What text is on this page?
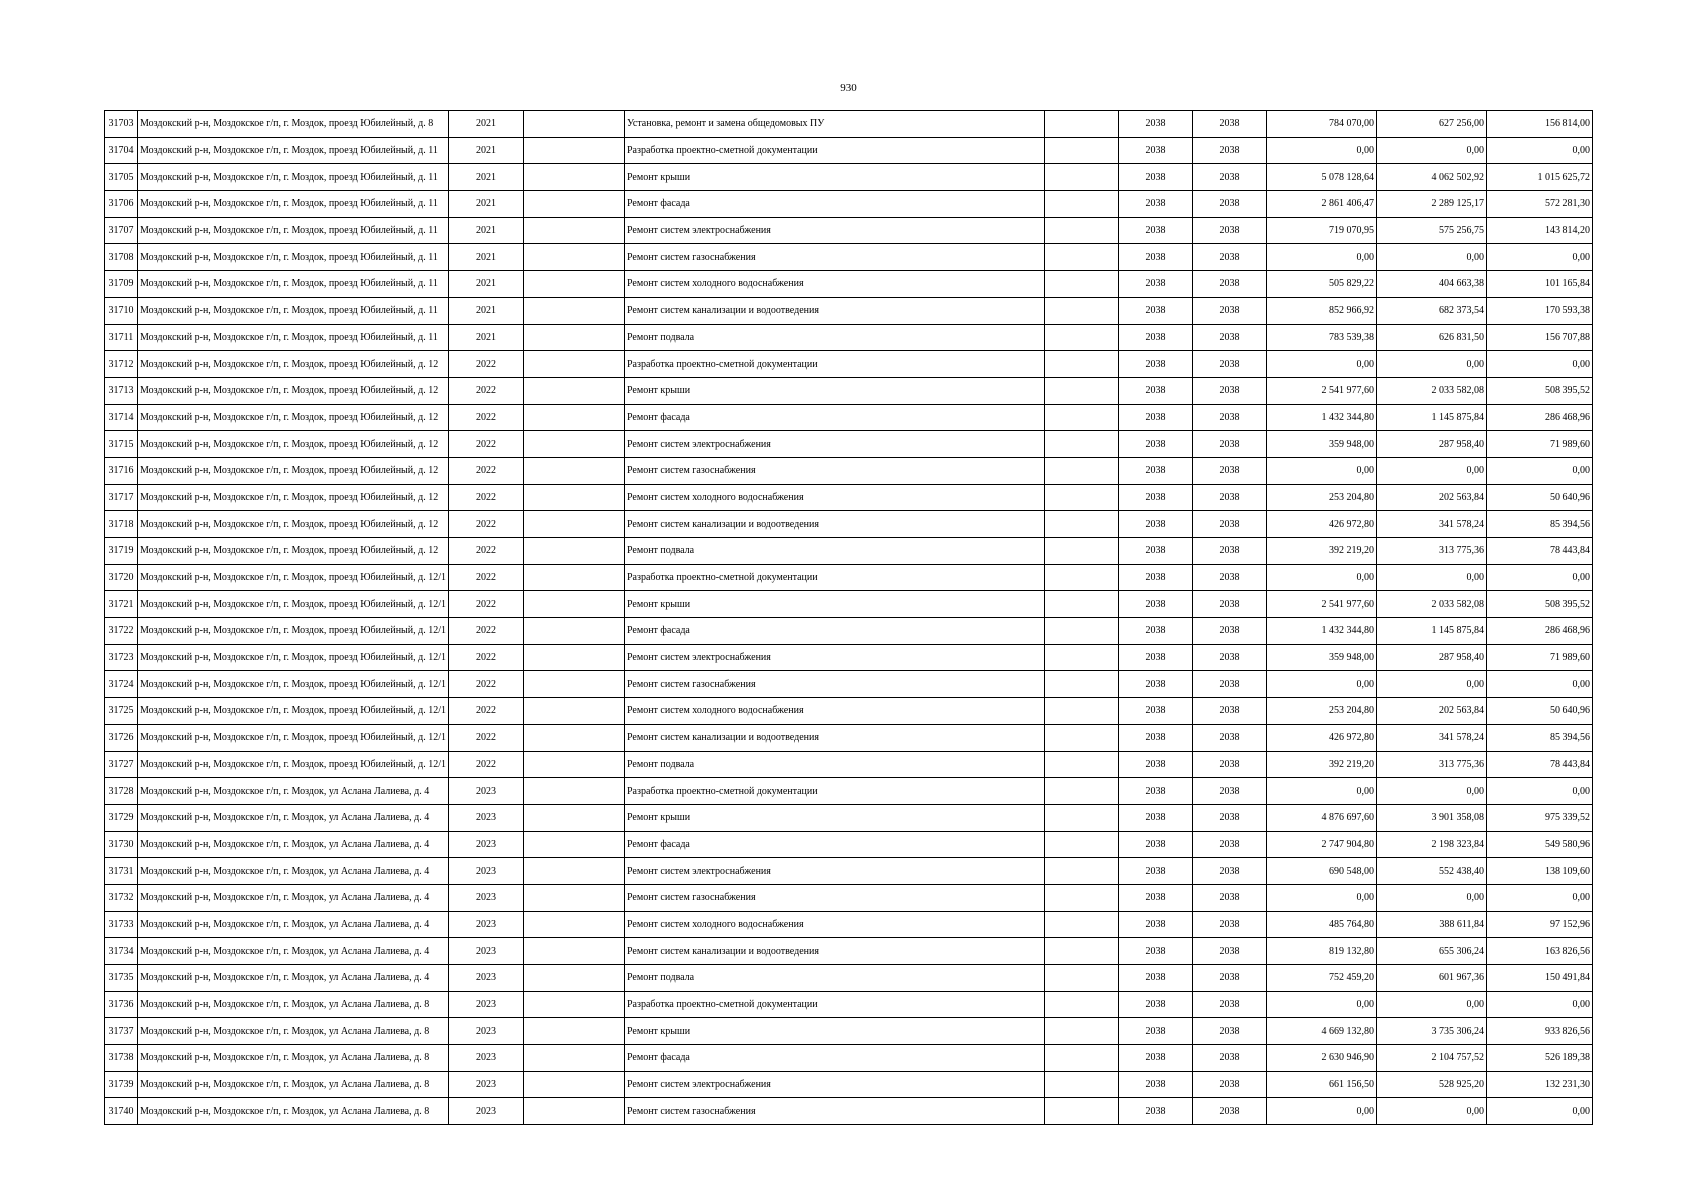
930
31703	Моздокский р-н, Моздокское г/п, г. Моздок, проезд Юбилейный, д. 8	2021		Установка, ремонт и замена общедомовых ПУ		2038	2038	784 070,00	627 256,00	156 814,00
31704	Моздокский р-н, Моздокское г/п, г. Моздок, проезд Юбилейный, д. 11	2021		Разработка проектно-сметной документации		2038	2038	0,00	0,00	0,00
31705	Моздокский р-н, Моздокское г/п, г. Моздок, проезд Юбилейный, д. 11	2021		Ремонт крыши		2038	2038	5 078 128,64	4 062 502,92	1 015 625,72
31706	Моздокский р-н, Моздокское г/п, г. Моздок, проезд Юбилейный, д. 11	2021		Ремонт фасада		2038	2038	2 861 406,47	2 289 125,17	572 281,30
31707	Моздокский р-н, Моздокское г/п, г. Моздок, проезд Юбилейный, д. 11	2021		Ремонт систем электроснабжения		2038	2038	719 070,95	575 256,75	143 814,20
31708	Моздокский р-н, Моздокское г/п, г. Моздок, проезд Юбилейный, д. 11	2021		Ремонт систем газоснабжения		2038	2038	0,00	0,00	0,00
31709	Моздокский р-н, Моздокское г/п, г. Моздок, проезд Юбилейный, д. 11	2021		Ремонт систем холодного водоснабжения		2038	2038	505 829,22	404 663,38	101 165,84
31710	Моздокский р-н, Моздокское г/п, г. Моздок, проезд Юбилейный, д. 11	2021		Ремонт систем канализации и водоотведения		2038	2038	852 966,92	682 373,54	170 593,38
31711	Моздокский р-н, Моздокское г/п, г. Моздок, проезд Юбилейный, д. 11	2021		Ремонт подвала		2038	2038	783 539,38	626 831,50	156 707,88
31712	Моздокский р-н, Моздокское г/п, г. Моздок, проезд Юбилейный, д. 12	2022		Разработка проектно-сметной документации		2038	2038	0,00	0,00	0,00
31713	Моздокский р-н, Моздокское г/п, г. Моздок, проезд Юбилейный, д. 12	2022		Ремонт крыши		2038	2038	2 541 977,60	2 033 582,08	508 395,52
31714	Моздокский р-н, Моздокское г/п, г. Моздок, проезд Юбилейный, д. 12	2022		Ремонт фасада		2038	2038	1 432 344,80	1 145 875,84	286 468,96
31715	Моздокский р-н, Моздокское г/п, г. Моздок, проезд Юбилейный, д. 12	2022		Ремонт систем электроснабжения		2038	2038	359 948,00	287 958,40	71 989,60
31716	Моздокский р-н, Моздокское г/п, г. Моздок, проезд Юбилейный, д. 12	2022		Ремонт систем газоснабжения		2038	2038	0,00	0,00	0,00
31717	Моздокский р-н, Моздокское г/п, г. Моздок, проезд Юбилейный, д. 12	2022		Ремонт систем холодного водоснабжения		2038	2038	253 204,80	202 563,84	50 640,96
31718	Моздокский р-н, Моздокское г/п, г. Моздок, проезд Юбилейный, д. 12	2022		Ремонт систем канализации и водоотведения		2038	2038	426 972,80	341 578,24	85 394,56
31719	Моздокский р-н, Моздокское г/п, г. Моздок, проезд Юбилейный, д. 12	2022		Ремонт подвала		2038	2038	392 219,20	313 775,36	78 443,84
31720	Моздокский р-н, Моздокское г/п, г. Моздок, проезд Юбилейный, д. 12/1	2022		Разработка проектно-сметной документации		2038	2038	0,00	0,00	0,00
31721	Моздокский р-н, Моздокское г/п, г. Моздок, проезд Юбилейный, д. 12/1	2022		Ремонт крыши		2038	2038	2 541 977,60	2 033 582,08	508 395,52
31722	Моздокский р-н, Моздокское г/п, г. Моздок, проезд Юбилейный, д. 12/1	2022		Ремонт фасада		2038	2038	1 432 344,80	1 145 875,84	286 468,96
31723	Моздокский р-н, Моздокское г/п, г. Моздок, проезд Юбилейный, д. 12/1	2022		Ремонт систем электроснабжения		2038	2038	359 948,00	287 958,40	71 989,60
31724	Моздокский р-н, Моздокское г/п, г. Моздок, проезд Юбилейный, д. 12/1	2022		Ремонт систем газоснабжения		2038	2038	0,00	0,00	0,00
31725	Моздокский р-н, Моздокское г/п, г. Моздок, проезд Юбилейный, д. 12/1	2022		Ремонт систем холодного водоснабжения		2038	2038	253 204,80	202 563,84	50 640,96
31726	Моздокский р-н, Моздокское г/п, г. Моздок, проезд Юбилейный, д. 12/1	2022		Ремонт систем канализации и водоотведения		2038	2038	426 972,80	341 578,24	85 394,56
31727	Моздокский р-н, Моздокское г/п, г. Моздок, проезд Юбилейный, д. 12/1	2022		Ремонт подвала		2038	2038	392 219,20	313 775,36	78 443,84
31728	Моздокский р-н, Моздокское г/п, г. Моздок, ул Аслана Лалиева, д. 4	2023		Разработка проектно-сметной документации		2038	2038	0,00	0,00	0,00
31729	Моздокский р-н, Моздокское г/п, г. Моздок, ул Аслана Лалиева, д. 4	2023		Ремонт крыши		2038	2038	4 876 697,60	3 901 358,08	975 339,52
31730	Моздокский р-н, Моздокское г/п, г. Моздок, ул Аслана Лалиева, д. 4	2023		Ремонт фасада		2038	2038	2 747 904,80	2 198 323,84	549 580,96
31731	Моздокский р-н, Моздокское г/п, г. Моздок, ул Аслана Лалиева, д. 4	2023		Ремонт систем электроснабжения		2038	2038	690 548,00	552 438,40	138 109,60
31732	Моздокский р-н, Моздокское г/п, г. Моздок, ул Аслана Лалиева, д. 4	2023		Ремонт систем газоснабжения		2038	2038	0,00	0,00	0,00
31733	Моздокский р-н, Моздокское г/п, г. Моздок, ул Аслана Лалиева, д. 4	2023		Ремонт систем холодного водоснабжения		2038	2038	485 764,80	388 611,84	97 152,96
31734	Моздокский р-н, Моздокское г/п, г. Моздок, ул Аслана Лалиева, д. 4	2023		Ремонт систем канализации и водоотведения		2038	2038	819 132,80	655 306,24	163 826,56
31735	Моздокский р-н, Моздокское г/п, г. Моздок, ул Аслана Лалиева, д. 4	2023		Ремонт подвала		2038	2038	752 459,20	601 967,36	150 491,84
31736	Моздокский р-н, Моздокское г/п, г. Моздок, ул Аслана Лалиева, д. 8	2023		Разработка проектно-сметной документации		2038	2038	0,00	0,00	0,00
31737	Моздокский р-н, Моздокское г/п, г. Моздок, ул Аслана Лалиева, д. 8	2023		Ремонт крыши		2038	2038	4 669 132,80	3 735 306,24	933 826,56
31738	Моздокский р-н, Моздокское г/п, г. Моздок, ул Аслана Лалиева, д. 8	2023		Ремонт фасада		2038	2038	2 630 946,90	2 104 757,52	526 189,38
31739	Моздокский р-н, Моздокское г/п, г. Моздок, ул Аслана Лалиева, д. 8	2023		Ремонт систем электроснабжения		2038	2038	661 156,50	528 925,20	132 231,30
31740	Моздокский р-н, Моздокское г/п, г. Моздок, ул Аслана Лалиева, д. 8	2023		Ремонт систем газоснабжения		2038	2038	0,00	0,00	0,00
